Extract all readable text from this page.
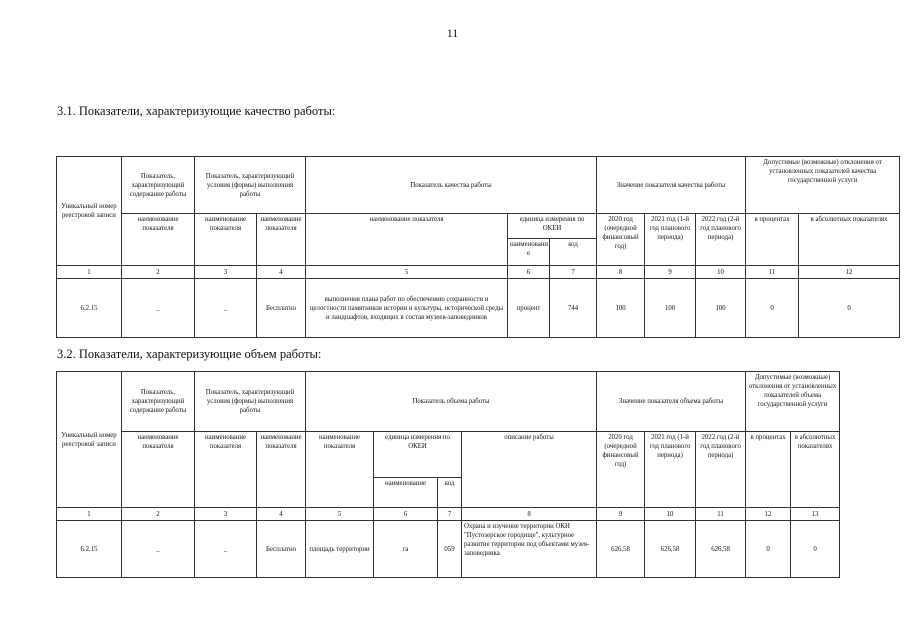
11
3.1. Показатели, характеризующие качество работы:
Уникальный номер реестровой записи	Показатель, характеризующий содержание работы	Показатель, характеризующий условия (формы) выполнения работы		Показатель качества работы			Значение показателя качества работы			Допустимые (возможные) отклонения от установленных показателей качества государственной услуги	
	наименование показателя	наименование показателя	наименование показателя	наименование показателя	единица измерения по ОКЕИ		2020 год (очередной финансовый год)	2021 год (1-й год планового периода)	2022 год (2-й год планового периода)	в процентах	в абсолютных показателях
					наименовани е	код					
1	2	3	4	5	6	7	8	9	10	11	12
6.2.15	_	_	Бесплатно	выполнения плана работ по обеспечению сохранности и целостности памятников истории и культуры, исторической среды и ландшафтов, входящих в состав музеев-заповедников	процент	744	100	100	100	0	0
3.2. Показатели, характеризующие объем работы:
Уникальный номер реестровой записи	Показатель, характеризующий содержание работы	Показатель, характеризующий условия (формы) выполнения работы		Показатель объема работы				Значение показателя объема работы			Допустимые (возможные) отклонения от установленных показателей объема государственной услуги	
	наименование показателя	наименование показателя	наименование показателя	наименование показателя	единица измерения по ОКЕИ		описание работы	2020 год (очередной финансовый год)	2021 год (1-й год планового периода)	2022 год (2-й год планового периода)	в процентах	в абсолютных показателях
					наименование	код						
1	2	3	4	5	6	7	8	9	10	11	12	13
6.2.15	_	_	Бесплатно	площадь территории	га	059	Охрана и изучение территории ОКН "Пустозерское городище", культурное развитие территории под объектами музея-заповедника	626,58	626,58	626,58	0	0
